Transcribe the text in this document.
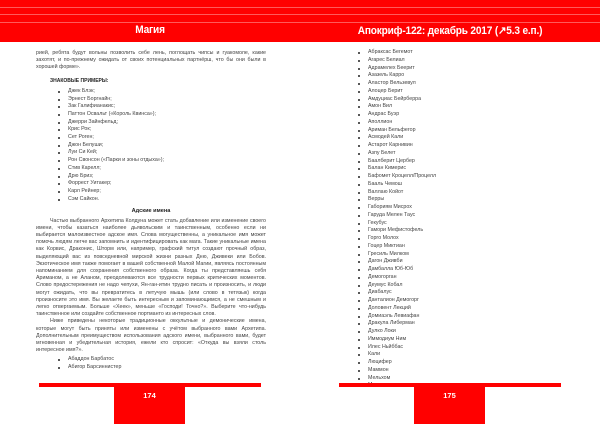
Магия

рией, ребята будут вольны позволить себе лень, поглощать чипсы и гуакомоле, какие захотят, и по-прежнему ожидать от своих потенциальных партнёрш, что бы они были в хорошей форме».

ЗНАКОВЫЕ ПРИМЕРЫ:
Джек Блэк;
Эрнест Боргнайн;
Зак Галифианакис;
Паттон Освальт («Король Квинса»);
Джерри Зайнфельд;
Крис Рок;
Сет Роген;
Джон Белуши;
Луи Си Кей;
Рон Свонсон («Парки и зоны отдыха»);
Стив Карелл;
Дрю Бриз;
Форрест Уитакер;
Карл Рейнер;
Сэм Сайкон.
Адские имена

Частью выбранного Архетипа Колдуна может стать добавление или изменение своего имени, чтобы казаться наиболее дьявольским и таинственным, особенно если ни выбирается малоизвестное адское имя. Слова могущественны, а уникальное имя может помочь людям легче вас запомнить и идентифицировать как мага. Такие уникальные имена как Корвис, Драконис, Шторм или, например, графский титул создают прочный образ, выделяющий вас из повседневной мирской жизни разных Дню, Дживеки или Бобов. Экзотическое имя также помогает в вашей собственной Малой Магии, являясь постоянным напоминанием для сохранения собственного образа. Когда ты представляешь себя Ариманом, а не Аланом, преодолеваются все трудности первых критических моментов. Слово предостережения не надо чепухи, Ян-ган-итин трудно писать и произносить, и люди могут ожидать, что вы превратитесь в летучую мышь (или слово в тетязык) когда произносите это имя. Вы желаете быть интересным и запоминающимся, а не смешным и легко отвергаемым. Больше «Хеек», меньше «Господи! Точно?». Выберите что-нибудь таинственное или создайте собственное портманто из интересных слов.

Ниже приведены некоторые традиционные оккультные и демонические имена, которые могут быть приняты или изменены с учётом выбранного вами Архетипа. Дополнительным преимуществом использования адского имени, выбранного вами, будет мгновенная и убедительная история, ежели кто спросит: «Откуда вы взяли столь интересное имя?».

Абаддон Барбатос
Абигор Барсиннистер
174
Апокриф-122: декабрь 2017 (↗5.3 е.п.)
Абраксас Бегемот
Агарес Белиал
Адрамелех Беерит
Азазель Карро
Аластор Вельзевул
Алоцер Берит
Амдуциас Бейрберра
Амон Вил
Андрас Буэр
Аполлион
Ариман Бельфегор
Асмодей Кали
Астарот Карнивин
Азпу Белет
Баалберит Цербер
Балан Кимерис
Бафомет Кроцелл/Процелл
Бааль Чемош
Валлаю Койот
Верры
Габориям Мисрох
Гаруда Мелен Таус
Гекубус
Гамори Мефистофель
Горго Молох
Гоцер Миктиан
Гресиль Милком
Дагон Дживби
Дамбалла Юб-Юб
Демогорган
Деумус Кобал
Диабалус
Данталион Демогорг
Доловент Лекций
Домиаэль Левиафан
Дракула Либерман
Дулко Локи
Иммодиум Ним
Илес Ньйббас
Кали
Люцифер
Маммон
Мельхом
175
